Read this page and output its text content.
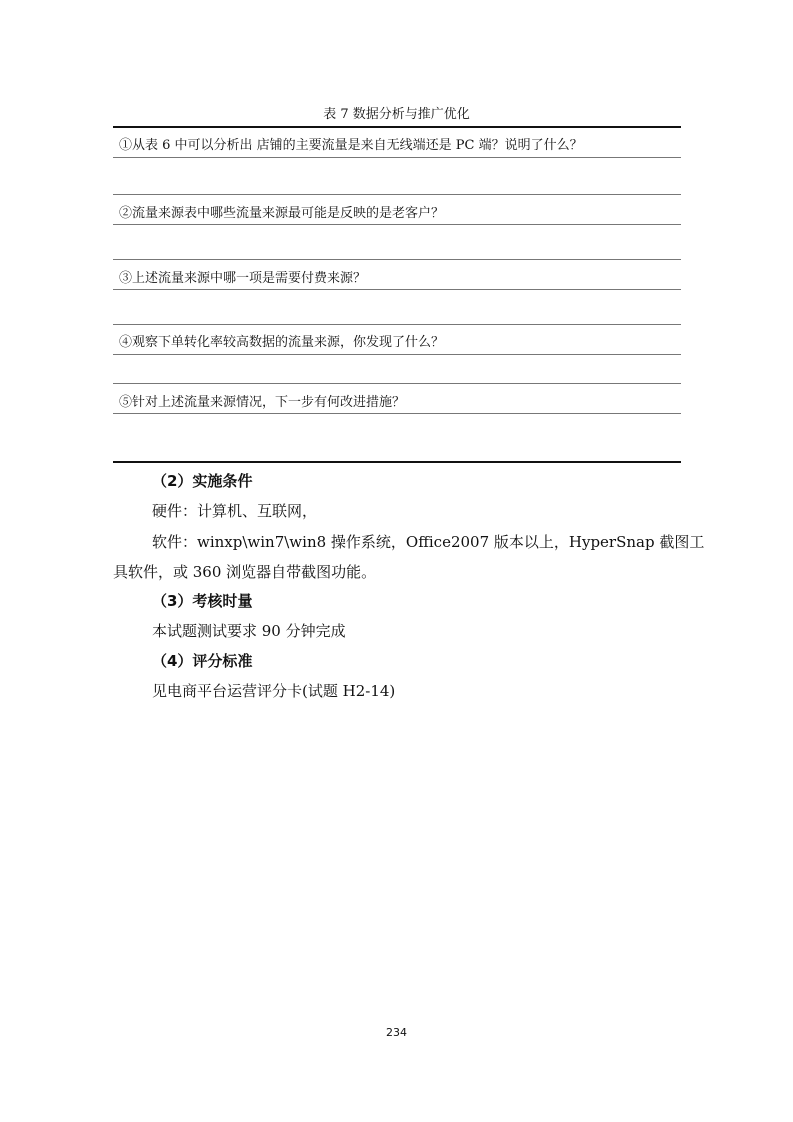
表 7 数据分析与推广优化
①从表 6 中可以分析出 店铺的主要流量是来自无线端还是 PC 端？说明了什么？
②流量来源表中哪些流量来源最可能是反映的是老客户？
③上述流量来源中哪一项是需要付费来源？
④观察下单转化率较高数据的流量来源，你发现了什么？
⑤针对上述流量来源情况，下一步有何改进措施？
（2）实施条件
硬件：计算机、互联网，
软件：winxp\win7\win8 操作系统，Office2007 版本以上，HyperSnap 截图工
具软件，或 360 浏览器自带截图功能。
（3）考核时量
本试题测试要求 90 分钟完成
（4）评分标准
见电商平台运营评分卡(试题 H2-14)
234
